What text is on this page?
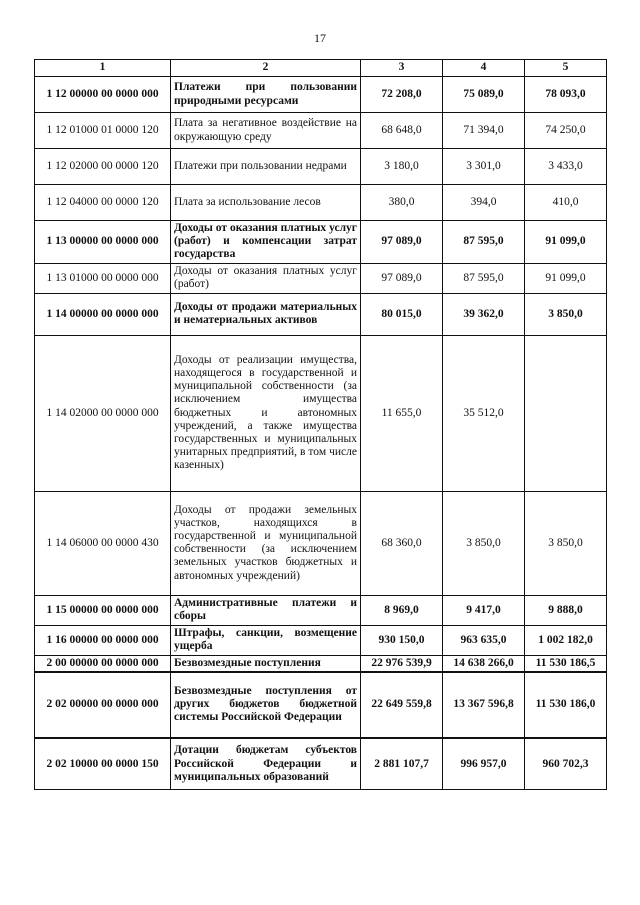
17
1	2	3	4	5
1 12 00000 00 0000 000	Платежи при пользовании природными ресурсами	72 208,0	75 089,0	78 093,0
1 12 01000 01 0000 120	Плата за негативное воздействие на окружающую среду	68 648,0	71 394,0	74 250,0
1 12 02000 00 0000 120	Платежи при пользовании недрами	3 180,0	3 301,0	3 433,0
1 12 04000 00 0000 120	Плата за использование лесов	380,0	394,0	410,0
1 13 00000 00 0000 000	Доходы от оказания платных услуг (работ) и компенсации затрат государства	97 089,0	87 595,0	91 099,0
1 13 01000 00 0000 000	Доходы от оказания платных услуг (работ)	97 089,0	87 595,0	91 099,0
1 14 00000 00 0000 000	Доходы от продажи материальных и нематериальных активов	80 015,0	39 362,0	3 850,0
1 14 02000 00 0000 000	Доходы от реализации имущества, находящегося в государственной и муниципальной собственности (за исключением имущества бюджетных и автономных учреждений, а также имущества государственных и муниципальных унитарных предприятий, в том числе казенных)	11 655,0	35 512,0	
1 14 06000 00 0000 430	Доходы от продажи земельных участков, находящихся в государственной и муниципальной собственности (за исключением земельных участков бюджетных и автономных учреждений)	68 360,0	3 850,0	3 850,0
1 15 00000 00 0000 000	Административные платежи и сборы	8 969,0	9 417,0	9 888,0
1 16 00000 00 0000 000	Штрафы, санкции, возмещение ущерба	930 150,0	963 635,0	1 002 182,0
2 00 00000 00 0000 000	Безвозмездные поступления	22 976 539,9	14 638 266,0	11 530 186,5
2 02 00000 00 0000 000	Безвозмездные поступления от других бюджетов бюджетной системы Российской Федерации	22 649 559,8	13 367 596,8	11 530 186,0
2 02 10000 00 0000 150	Дотации бюджетам субъектов Российской Федерации и муниципальных образований	2 881 107,7	996 957,0	960 702,3
